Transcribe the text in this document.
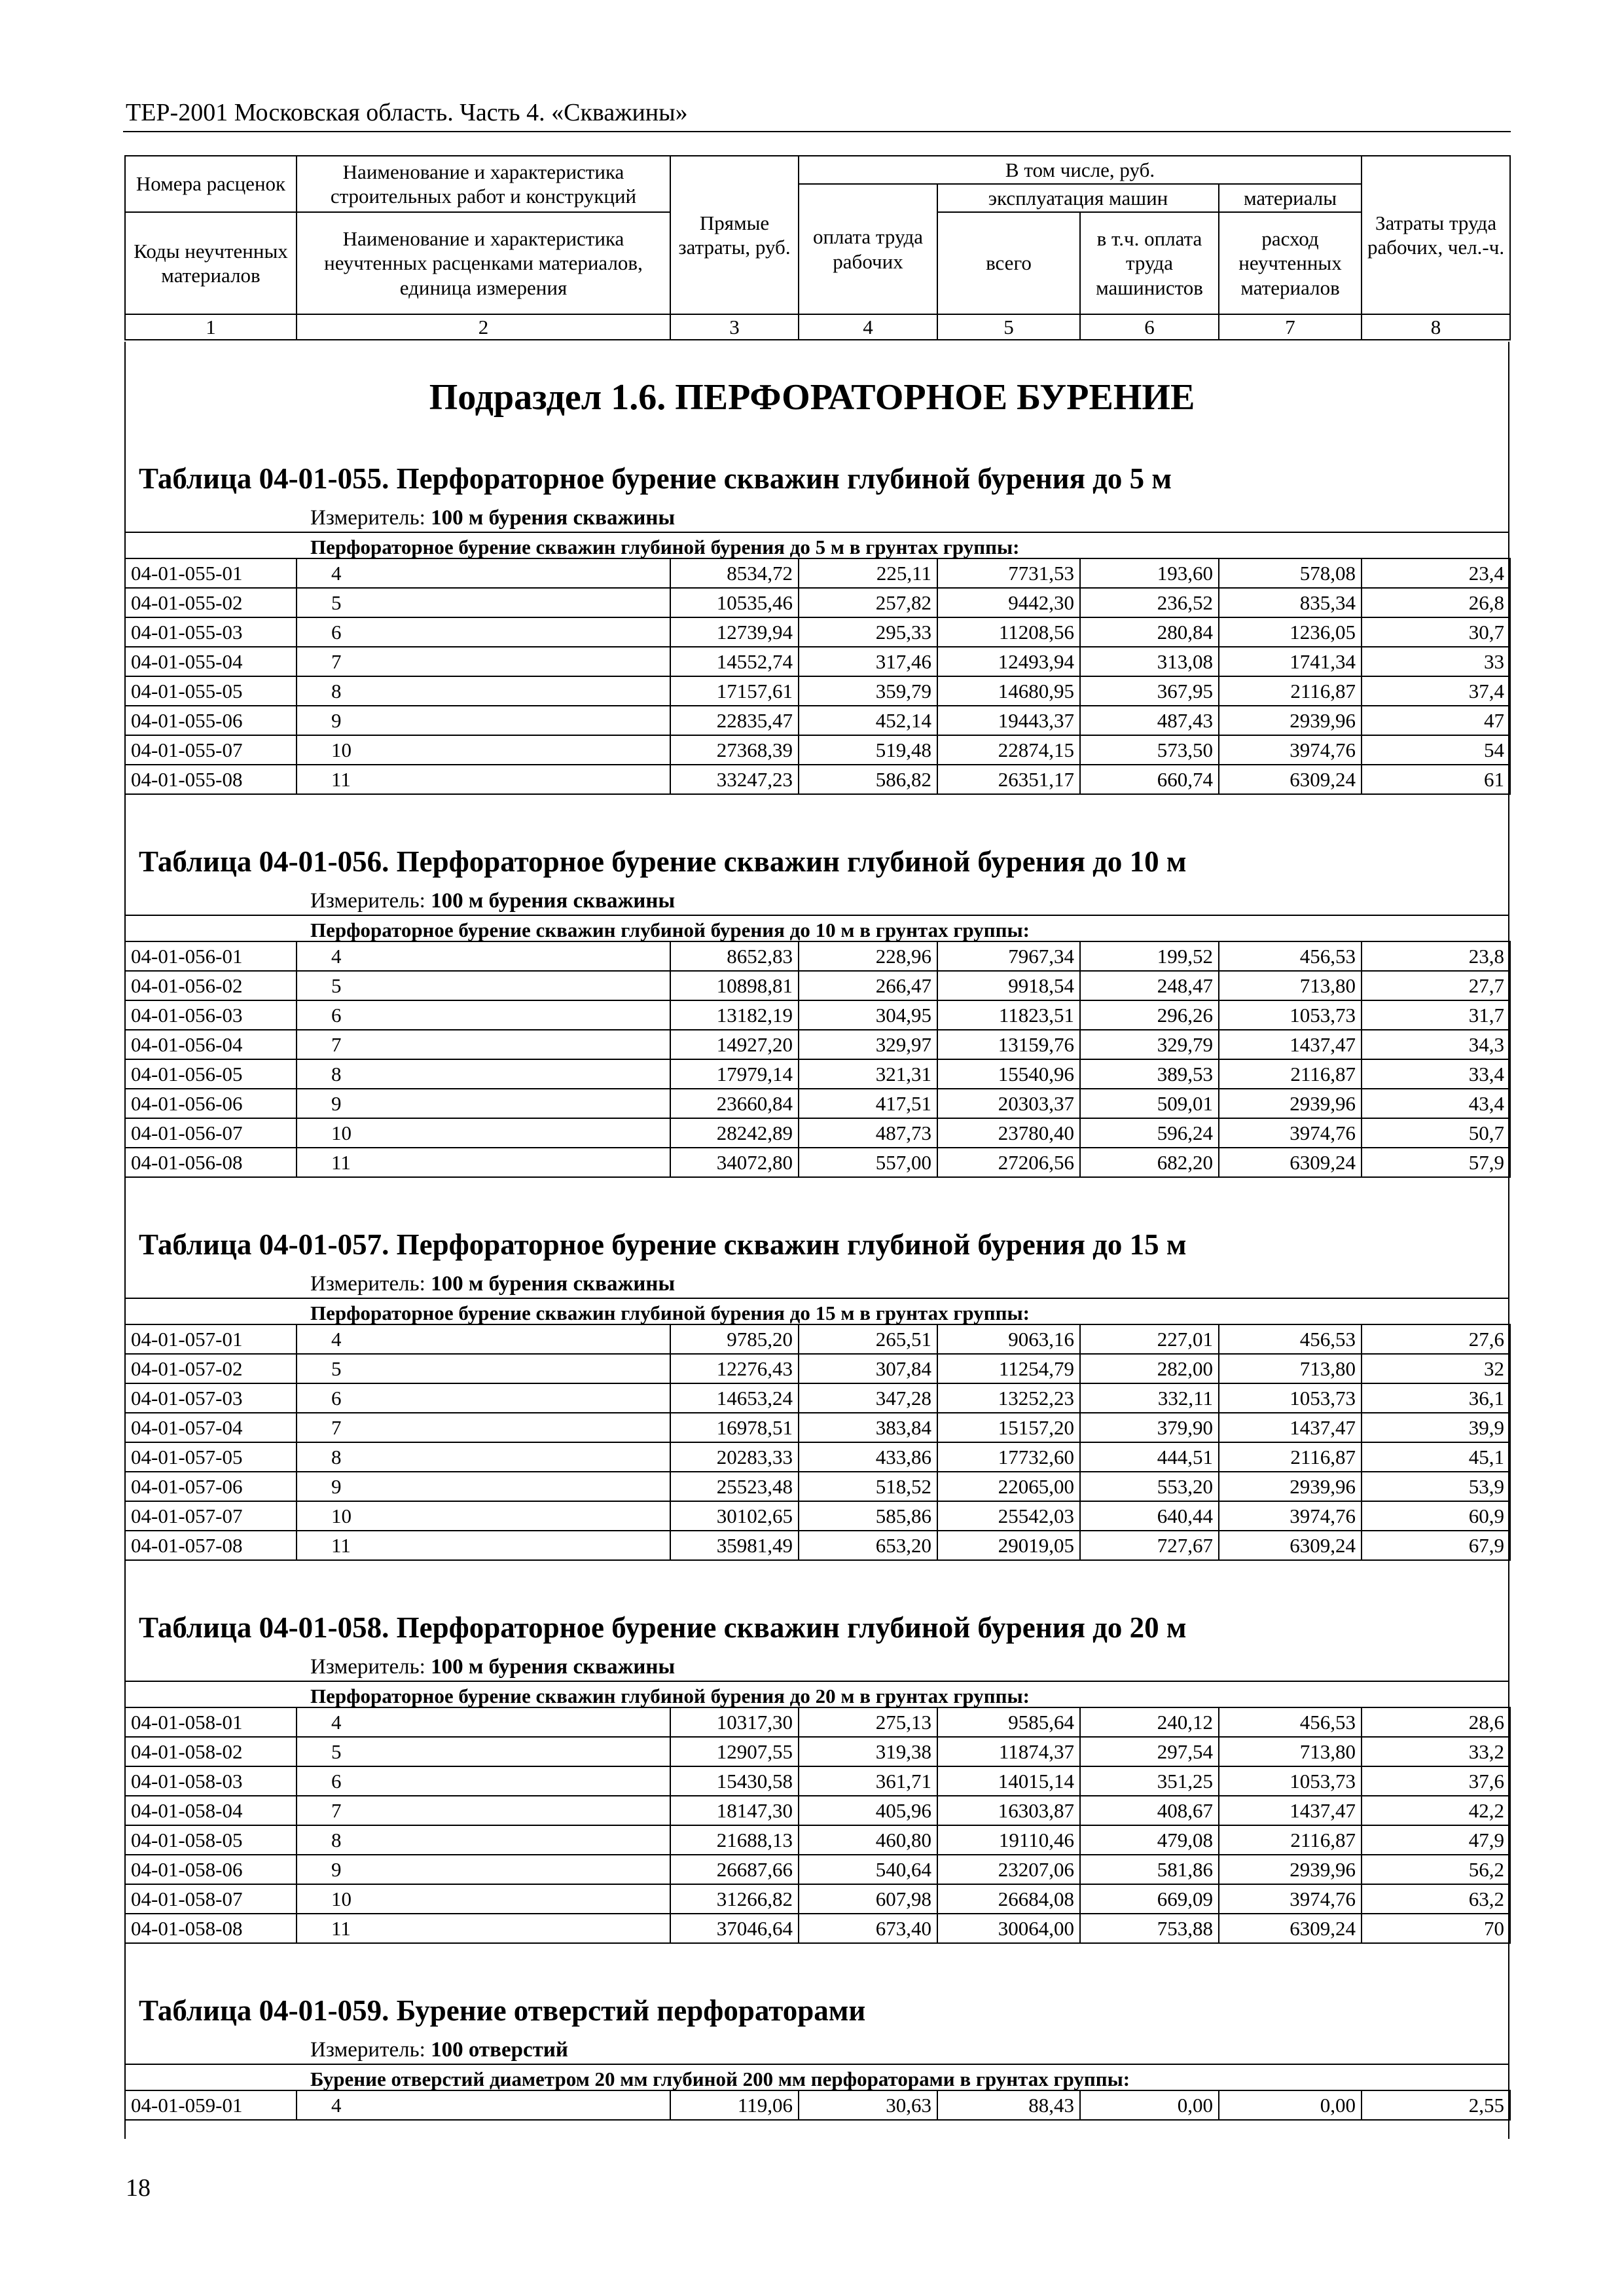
ТЕР-2001 Московская область. Часть 4. «Скважины»
Номера расценок	Наименование и характеристика строительных работ и конструкций	Прямые затраты, руб.	В том числе, руб.				Затраты труда рабочих, чел.-ч.
			оплата труда рабочих	эксплуатация машин		материалы	
Коды неучтенных материалов	Наименование и характеристика неучтенных расценками материалов, единица измерения			всего	в т.ч. оплата труда машинистов	расход неучтенных материалов	

1	2	3	4	5	6	7	8
Подраздел 1.6. ПЕРФОРАТОРНОЕ БУРЕНИЕ
Таблица 04-01-055. Перфораторное бурение скважин глубиной бурения до 5 м
Измеритель: 100 м бурения скважины
Перфораторное бурение скважин глубиной бурения до 5 м в грунтах группы:
04-01-055-01	4	8534,72	225,11	7731,53	193,60	578,08	23,4
04-01-055-02	5	10535,46	257,82	9442,30	236,52	835,34	26,8
04-01-055-03	6	12739,94	295,33	11208,56	280,84	1236,05	30,7
04-01-055-04	7	14552,74	317,46	12493,94	313,08	1741,34	33
04-01-055-05	8	17157,61	359,79	14680,95	367,95	2116,87	37,4
04-01-055-06	9	22835,47	452,14	19443,37	487,43	2939,96	47
04-01-055-07	10	27368,39	519,48	22874,15	573,50	3974,76	54
04-01-055-08	11	33247,23	586,82	26351,17	660,74	6309,24	61
Таблица 04-01-056. Перфораторное бурение скважин глубиной бурения до 10 м
Измеритель: 100 м бурения скважины
Перфораторное бурение скважин глубиной бурения до 10 м в грунтах группы:
04-01-056-01	4	8652,83	228,96	7967,34	199,52	456,53	23,8
04-01-056-02	5	10898,81	266,47	9918,54	248,47	713,80	27,7
04-01-056-03	6	13182,19	304,95	11823,51	296,26	1053,73	31,7
04-01-056-04	7	14927,20	329,97	13159,76	329,79	1437,47	34,3
04-01-056-05	8	17979,14	321,31	15540,96	389,53	2116,87	33,4
04-01-056-06	9	23660,84	417,51	20303,37	509,01	2939,96	43,4
04-01-056-07	10	28242,89	487,73	23780,40	596,24	3974,76	50,7
04-01-056-08	11	34072,80	557,00	27206,56	682,20	6309,24	57,9
Таблица 04-01-057. Перфораторное бурение скважин глубиной бурения до 15 м
Измеритель: 100 м бурения скважины
Перфораторное бурение скважин глубиной бурения до 15 м в грунтах группы:
04-01-057-01	4	9785,20	265,51	9063,16	227,01	456,53	27,6
04-01-057-02	5	12276,43	307,84	11254,79	282,00	713,80	32
04-01-057-03	6	14653,24	347,28	13252,23	332,11	1053,73	36,1
04-01-057-04	7	16978,51	383,84	15157,20	379,90	1437,47	39,9
04-01-057-05	8	20283,33	433,86	17732,60	444,51	2116,87	45,1
04-01-057-06	9	25523,48	518,52	22065,00	553,20	2939,96	53,9
04-01-057-07	10	30102,65	585,86	25542,03	640,44	3974,76	60,9
04-01-057-08	11	35981,49	653,20	29019,05	727,67	6309,24	67,9
Таблица 04-01-058. Перфораторное бурение скважин глубиной бурения до 20 м
Измеритель: 100 м бурения скважины
Перфораторное бурение скважин глубиной бурения до 20 м в грунтах группы:
04-01-058-01	4	10317,30	275,13	9585,64	240,12	456,53	28,6
04-01-058-02	5	12907,55	319,38	11874,37	297,54	713,80	33,2
04-01-058-03	6	15430,58	361,71	14015,14	351,25	1053,73	37,6
04-01-058-04	7	18147,30	405,96	16303,87	408,67	1437,47	42,2
04-01-058-05	8	21688,13	460,80	19110,46	479,08	2116,87	47,9
04-01-058-06	9	26687,66	540,64	23207,06	581,86	2939,96	56,2
04-01-058-07	10	31266,82	607,98	26684,08	669,09	3974,76	63,2
04-01-058-08	11	37046,64	673,40	30064,00	753,88	6309,24	70
Таблица 04-01-059. Бурение отверстий перфораторами
Измеритель: 100 отверстий
Бурение отверстий диаметром 20 мм глубиной 200 мм перфораторами в грунтах группы:
04-01-059-01	4	119,06	30,63	88,43	0,00	0,00	2,55
18
